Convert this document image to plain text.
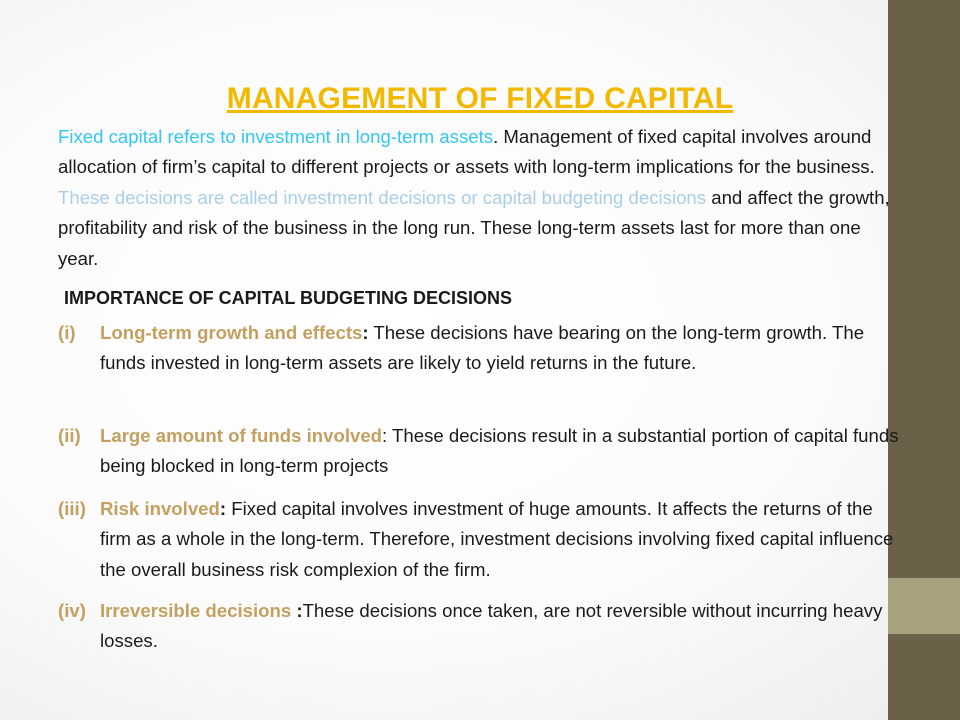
MANAGEMENT OF FIXED CAPITAL

Fixed capital refers to investment in long-term assets. Management of fixed capital involves around allocation of firm’s capital to different projects or assets with long-term implications for the business. These decisions are called investment decisions or capital budgeting decisions and affect the growth, profitability and risk of the business in the long run. These long-term assets last for more than one year.

IMPORTANCE OF CAPITAL BUDGETING DECISIONS
(i)	Long-term growth and effects: These decisions have bearing on the long-term growth. The funds invested in long-term assets are likely to yield returns in the future.
(ii)	Large amount of funds involved: These decisions result in a substantial portion of capital funds being blocked in long-term projects
(iii) Risk involved: Fixed capital involves investment of huge amounts. It affects the returns of the firm as a whole in the long-term. Therefore, investment decisions involving fixed capital influence the overall business risk complexion of the firm.
(iv) Irreversible decisions :These decisions once taken, are not reversible without incurring heavy losses.
